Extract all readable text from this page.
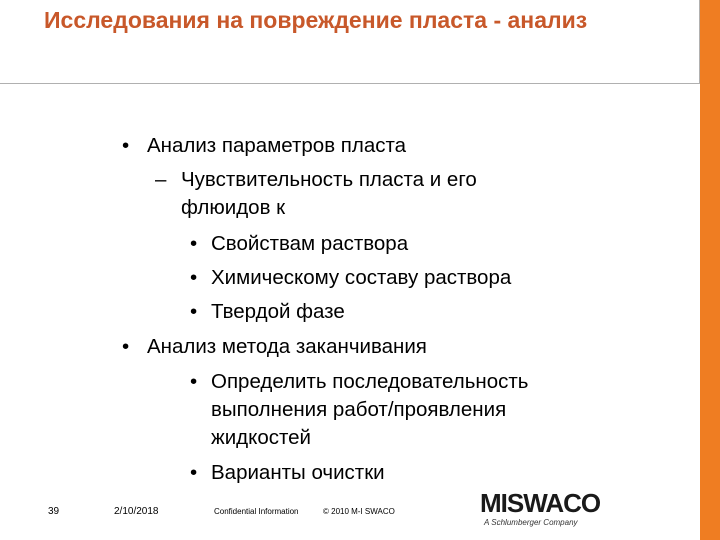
Исследования на повреждение пласта - анализ
• Анализ параметров пласта
– Чувствительность пласта и его
флюидов к
• Свойствам раствора
• Химическому составу раствора
• Твердой фазе
• Анализ метода заканчивания
• Определить последовательность
выполнения работ/проявления
жидкостей
• Варианты очистки
39	2/10/2018	Confidential Information	© 2010 M-I SWACO	MISWACO
A Schlumberger Company
